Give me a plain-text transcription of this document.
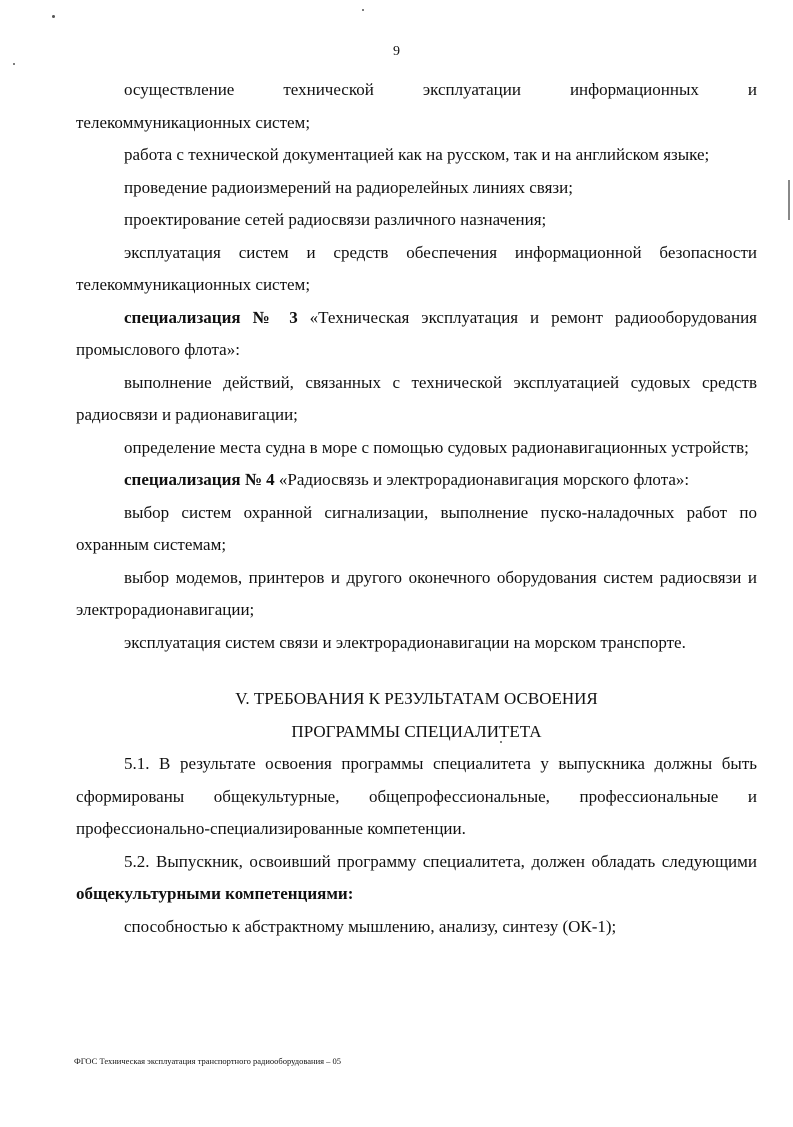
9

осуществление технической эксплуатации информационных и телекоммуникационных систем;

работа с технической документацией как на русском, так и на английском языке;

проведение радиоизмерений на радиорелейных линиях связи;

проектирование сетей радиосвязи различного назначения;

эксплуатация систем и средств обеспечения информационной безопасности телекоммуникационных систем;

специализация № 3 «Техническая эксплуатация и ремонт радиооборудования промыслового флота»:

выполнение действий, связанных с технической эксплуатацией судовых средств радиосвязи и радионавигации;

определение места судна в море с помощью судовых радионавигационных устройств;

специализация № 4 «Радиосвязь и электрорадионавигация морского флота»:

выбор систем охранной сигнализации, выполнение пуско-наладочных работ по охранным системам;

выбор модемов, принтеров и другого оконечного оборудования систем радиосвязи и электрорадионавигации;

эксплуатация систем связи и электрорадионавигации на морском транспорте.

V. ТРЕБОВАНИЯ К РЕЗУЛЬТАТАМ ОСВОЕНИЯ

ПРОГРАММЫ СПЕЦИАЛИТЕТА

5.1. В результате освоения программы специалитета у выпускника должны быть сформированы общекультурные, общепрофессиональные, профессиональные и профессионально-специализированные компетенции.

5.2. Выпускник, освоивший программу специалитета, должен обладать следующими общекультурными компетенциями:

способностью к абстрактному мышлению, анализу, синтезу (ОК-1);

ФГОС Техническая эксплуатация транспортного радиооборудования – 05
